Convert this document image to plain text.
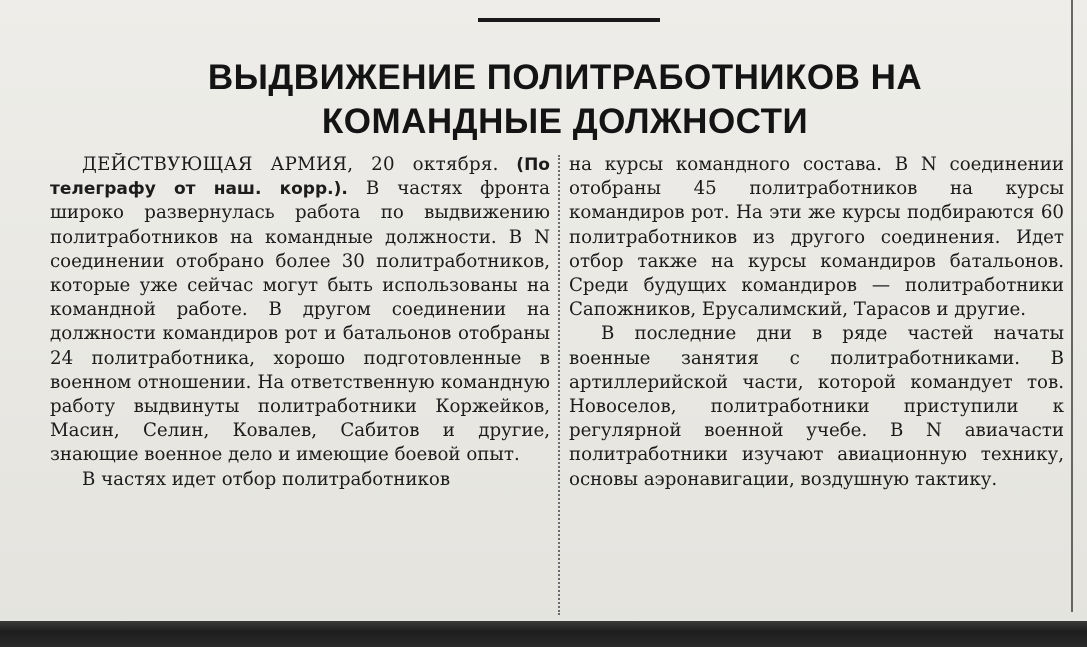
ВЫДВИЖЕНИЕ ПОЛИТРАБОТНИКОВ НА
КОМАНДНЫЕ ДОЛЖНОСТИ

ДЕЙСТВУЮЩАЯ АРМИЯ, 20 октября. (По телеграфу от наш. корр.). В частях фронта широко развернулась работа по выдвижению политработников на командные должности. В N соединении отобрано более 30 политработников, которые уже сейчас могут быть использованы на командной работе. В другом соединении на должности командиров рот и батальонов отобраны 24 политработника, хорошо подготовленные в военном отношении. На ответственную командную работу выдвинуты политработники Коржейков, Масин, Селин, Ковалев, Сабитов и другие, знающие военное дело и имеющие боевой опыт.

В частях идет отбор политработников

на курсы командного состава. В N соединении отобраны 45 политработников на курсы командиров рот. На эти же курсы подбираются 60 политработников из другого соединения. Идет отбор также на курсы командиров батальонов. Среди будущих командиров — политработники Сапожников, Ерусалимский, Тарасов и другие.

В последние дни в ряде частей начаты военные занятия с политработниками. В артиллерийской части, которой командует тов. Новоселов, политработники приступили к регулярной военной учебе. В N авиачасти политработники изучают авиационную технику, основы аэронавигации, воздушную тактику.
